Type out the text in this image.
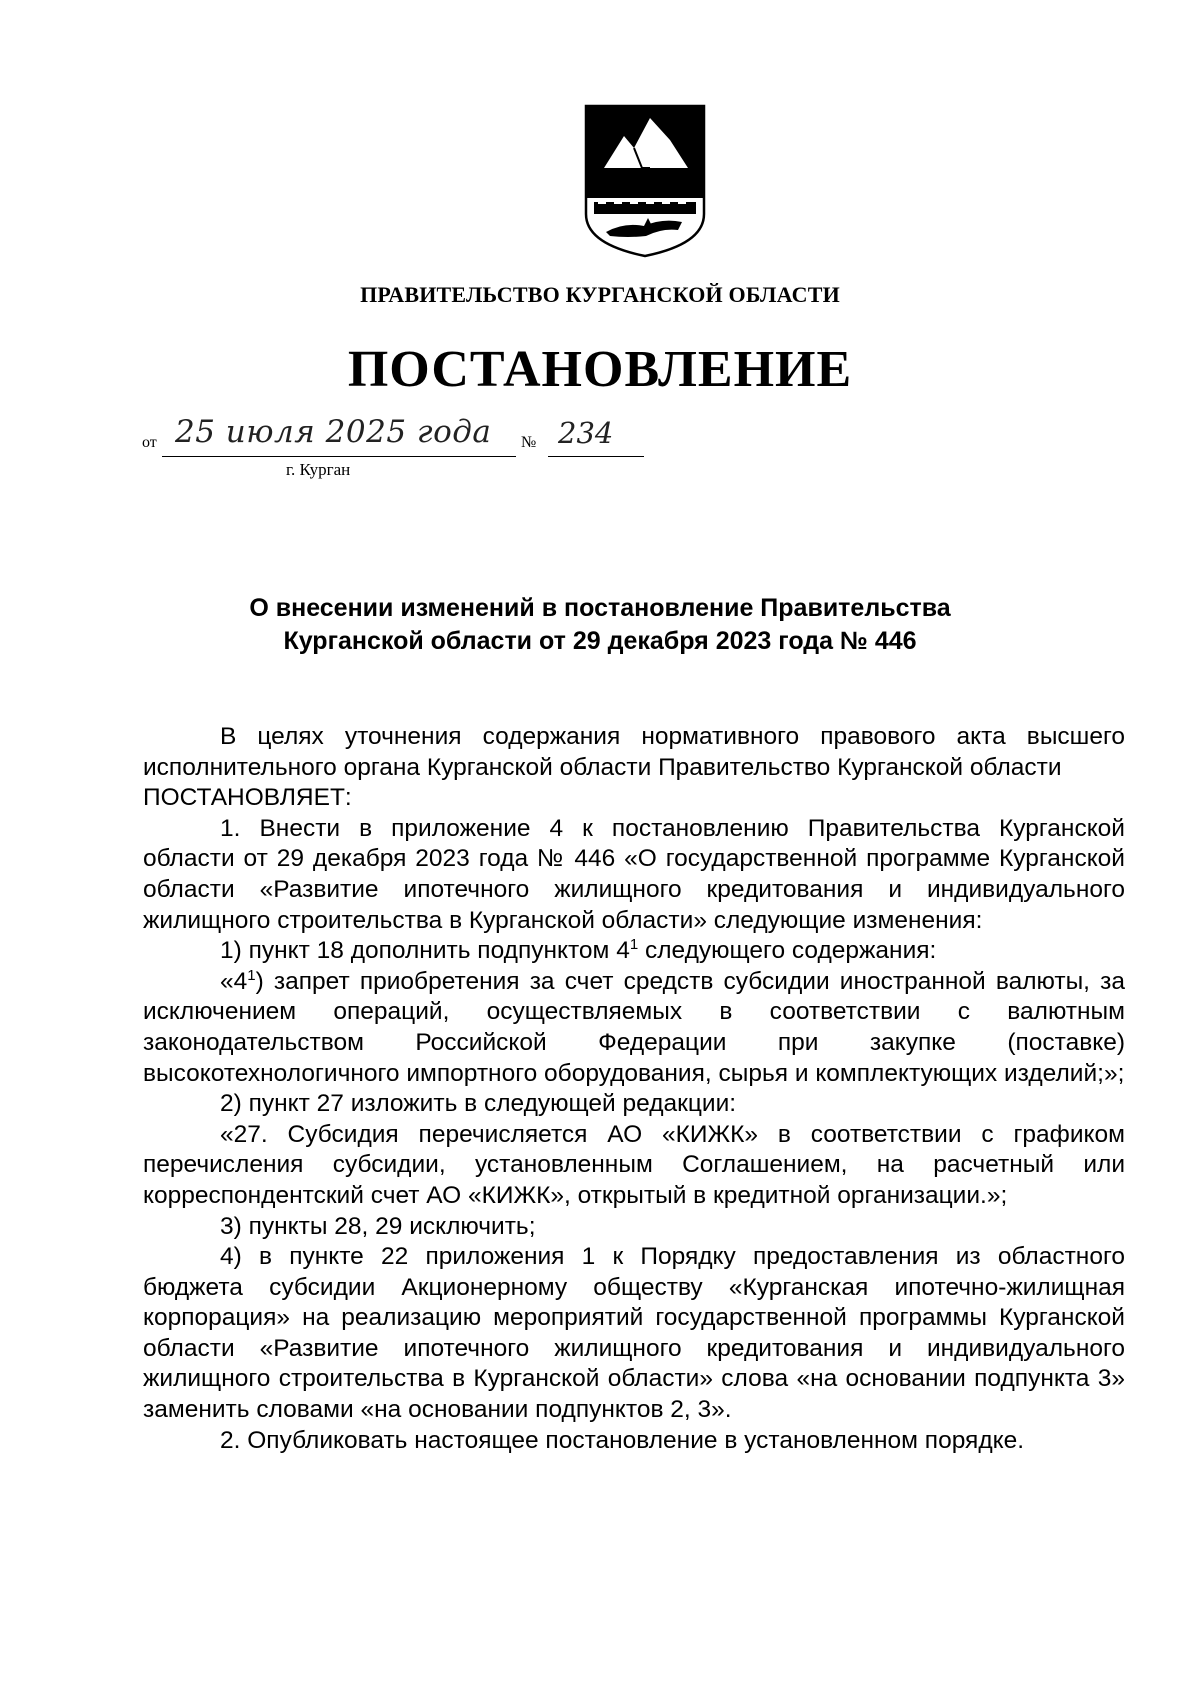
ПРАВИТЕЛЬСТВО КУРГАНСКОЙ ОБЛАСТИ
ПОСТАНОВЛЕНИЕ
от 25 июля 2025 года № 234
г. Курган
О внесении изменений в постановление Правительства
Курганской области от 29 декабря 2023 года № 446

В целях уточнения содержания нормативного правового акта высшего исполнительного органа Курганской области Правительство Курганской области

ПОСТАНОВЛЯЕТ:

1. Внести в приложение 4 к постановлению Правительства Курганской области от 29 декабря 2023 года № 446 «О государственной программе Курганской области «Развитие ипотечного жилищного кредитования и индивидуального жилищного строительства в Курганской области» следующие изменения:

1) пункт 18 дополнить подпунктом $4^1$ следующего содержания:

«$4^1$) запрет приобретения за счет средств субсидии иностранной валюты, за исключением операций, осуществляемых в соответствии с валютным законодательством Российской Федерации при закупке (поставке) высокотехнологичного импортного оборудования, сырья и комплектующих изделий;»;

2) пункт 27 изложить в следующей редакции:

«27. Субсидия перечисляется АО «КИЖК» в соответствии с графиком перечисления субсидии, установленным Соглашением, на расчетный или корреспондентский счет АО «КИЖК», открытый в кредитной организации.»;

3) пункты 28, 29 исключить;

4) в пункте 22 приложения 1 к Порядку предоставления из областного бюджета субсидии Акционерному обществу «Курганская ипотечно-жилищная корпорация» на реализацию мероприятий государственной программы Курганской области «Развитие ипотечного жилищного кредитования и индивидуального жилищного строительства в Курганской области» слова «на основании подпункта 3» заменить словами «на основании подпунктов 2, 3».

2. Опубликовать настоящее постановление в установленном порядке.
